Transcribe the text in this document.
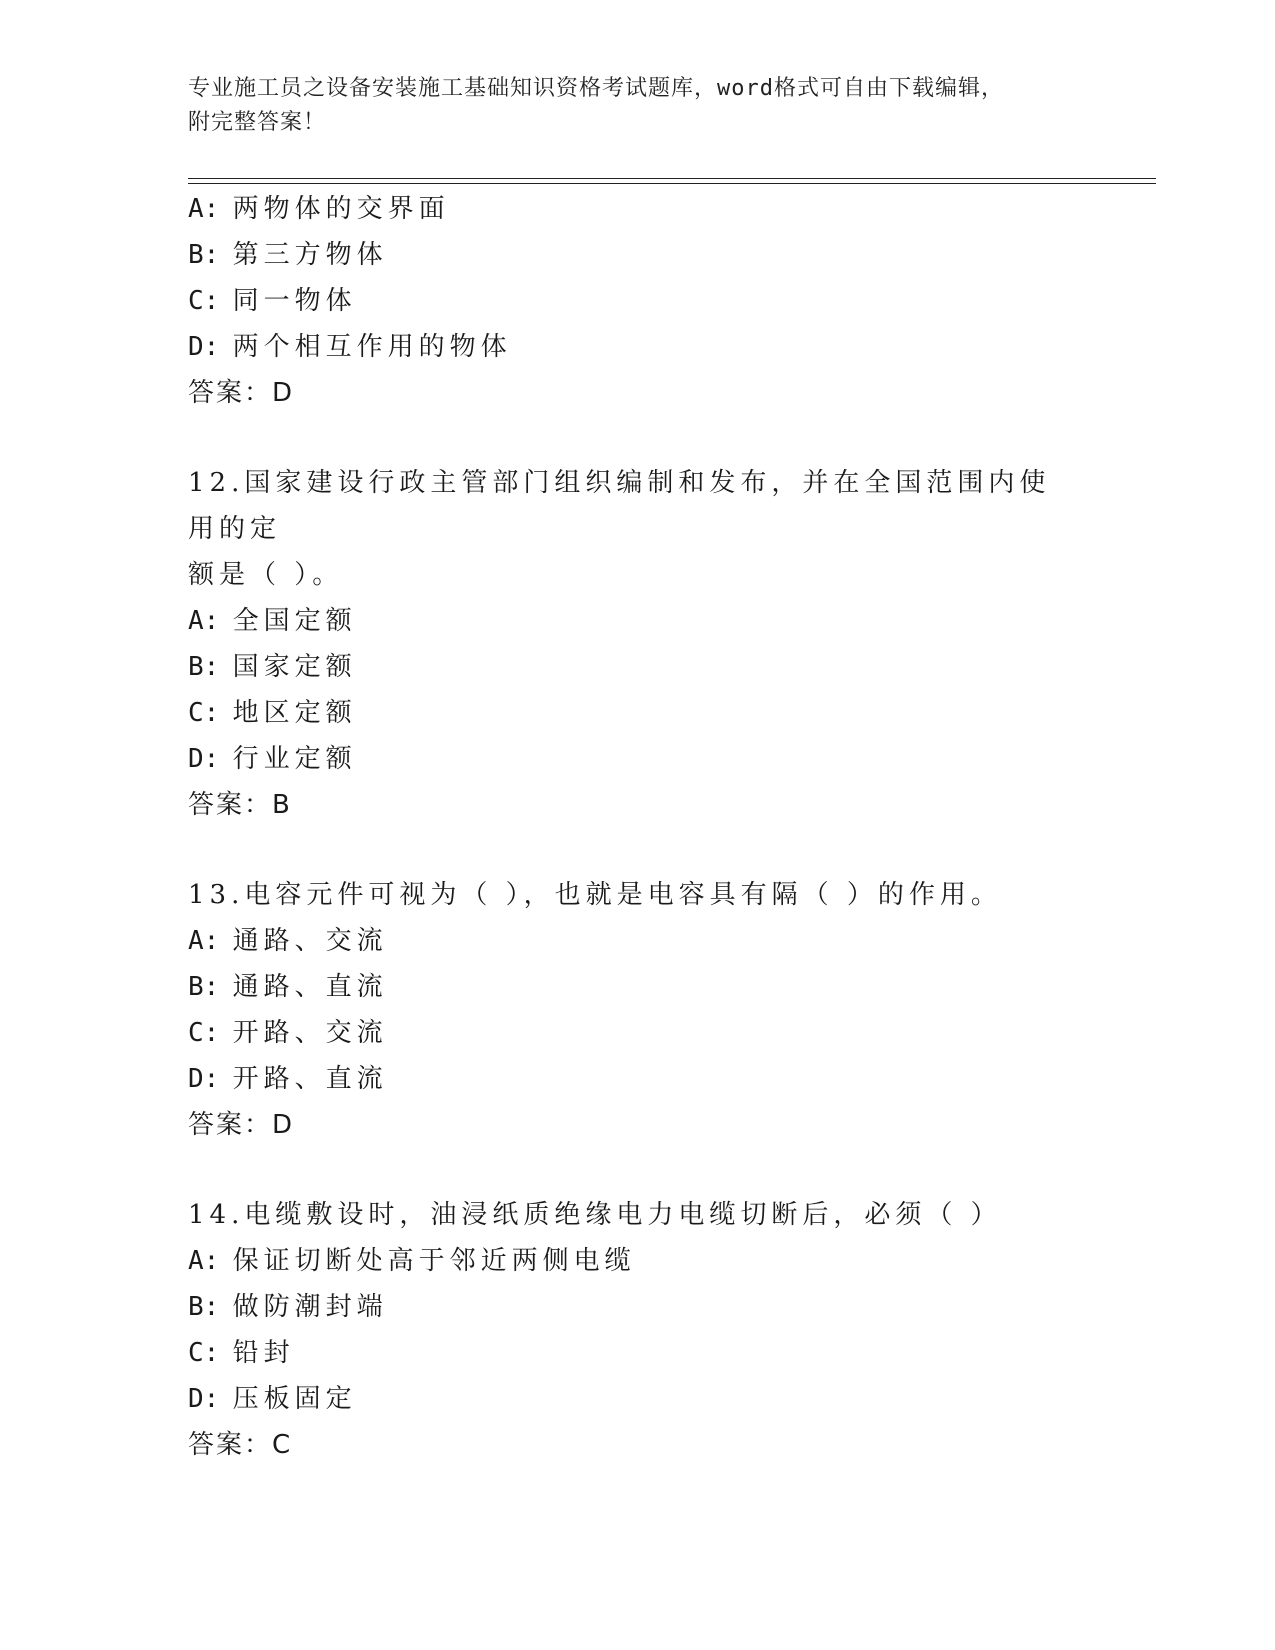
专业施工员之设备安装施工基础知识资格考试题库，word格式可自由下载编辑，
附完整答案！
A: 两物体的交界面
B: 第三方物体
C: 同一物体
D: 两个相互作用的物体
答案：D
12.国家建设行政主管部门组织编制和发布，并在全国范围内使用的定
额是（ ）。
A: 全国定额
B: 国家定额
C: 地区定额
D: 行业定额
答案：B
13.电容元件可视为（ ），也就是电容具有隔（ ）的作用。
A: 通路、交流
B: 通路、直流
C: 开路、交流
D: 开路、直流
答案：D
14.电缆敷设时，油浸纸质绝缘电力电缆切断后，必须（ ）
A: 保证切断处高于邻近两侧电缆
B: 做防潮封端
C: 铅封
D: 压板固定
答案：C
